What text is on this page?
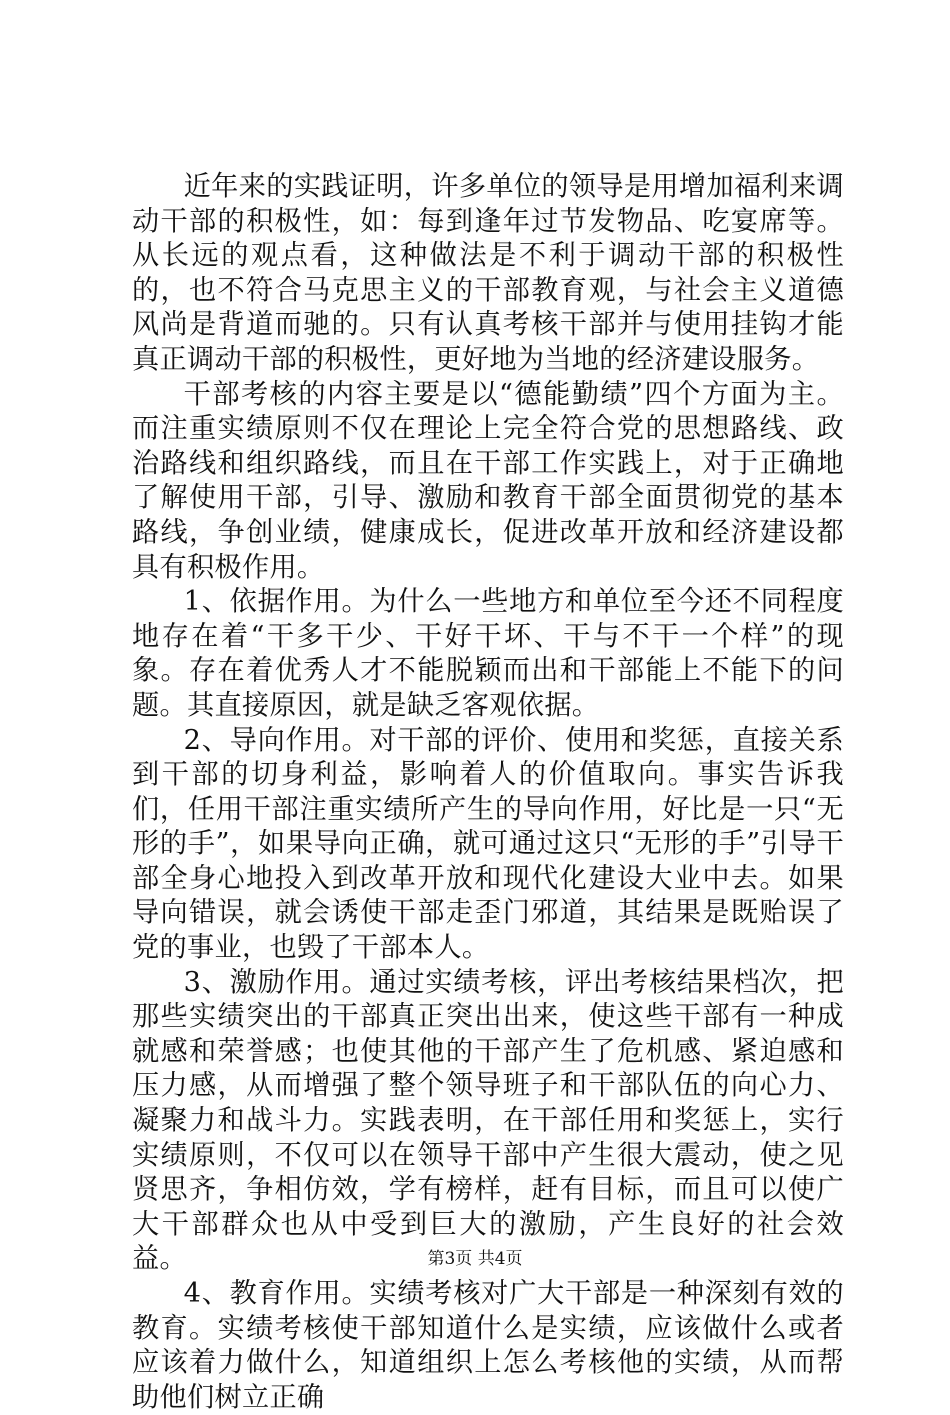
近年来的实践证明，许多单位的领导是用增加福利来调动干部的积极性，如：每到逢年过节发物品、吃宴席等。从长远的观点看，这种做法是不利于调动干部的积极性的，也不符合马克思主义的干部教育观，与社会主义道德风尚是背道而驰的。只有认真考核干部并与使用挂钩才能真正调动干部的积极性，更好地为当地的经济建设服务。

干部考核的内容主要是以“德能勤绩”四个方面为主。而注重实绩原则不仅在理论上完全符合党的思想路线、政治路线和组织路线，而且在干部工作实践上，对于正确地了解使用干部，引导、激励和教育干部全面贯彻党的基本路线，争创业绩，健康成长，促进改革开放和经济建设都具有积极作用。

1、依据作用。为什么一些地方和单位至今还不同程度地存在着“干多干少、干好干坏、干与不干一个样”的现象。存在着优秀人才不能脱颖而出和干部能上不能下的问题。其直接原因，就是缺乏客观依据。

2、导向作用。对干部的评价、使用和奖惩，直接关系到干部的切身利益，影响着人的价值取向。事实告诉我们，任用干部注重实绩所产生的导向作用，好比是一只“无形的手”，如果导向正确，就可通过这只“无形的手”引导干部全身心地投入到改革开放和现代化建设大业中去。如果导向错误，就会诱使干部走歪门邪道，其结果是既贻误了党的事业，也毁了干部本人。

3、激励作用。通过实绩考核，评出考核结果档次，把那些实绩突出的干部真正突出出来，使这些干部有一种成就感和荣誉感；也使其他的干部产生了危机感、紧迫感和压力感，从而增强了整个领导班子和干部队伍的向心力、凝聚力和战斗力。实践表明，在干部任用和奖惩上，实行实绩原则，不仅可以在领导干部中产生很大震动，使之见贤思齐，争相仿效，学有榜样，赶有目标，而且可以使广大干部群众也从中受到巨大的激励，产生良好的社会效益。

4、教育作用。实绩考核对广大干部是一种深刻有效的教育。实绩考核使干部知道什么是实绩，应该做什么或者应该着力做什么，知道组织上怎么考核他的实绩，从而帮助他们树立正确

第3页 共4页
